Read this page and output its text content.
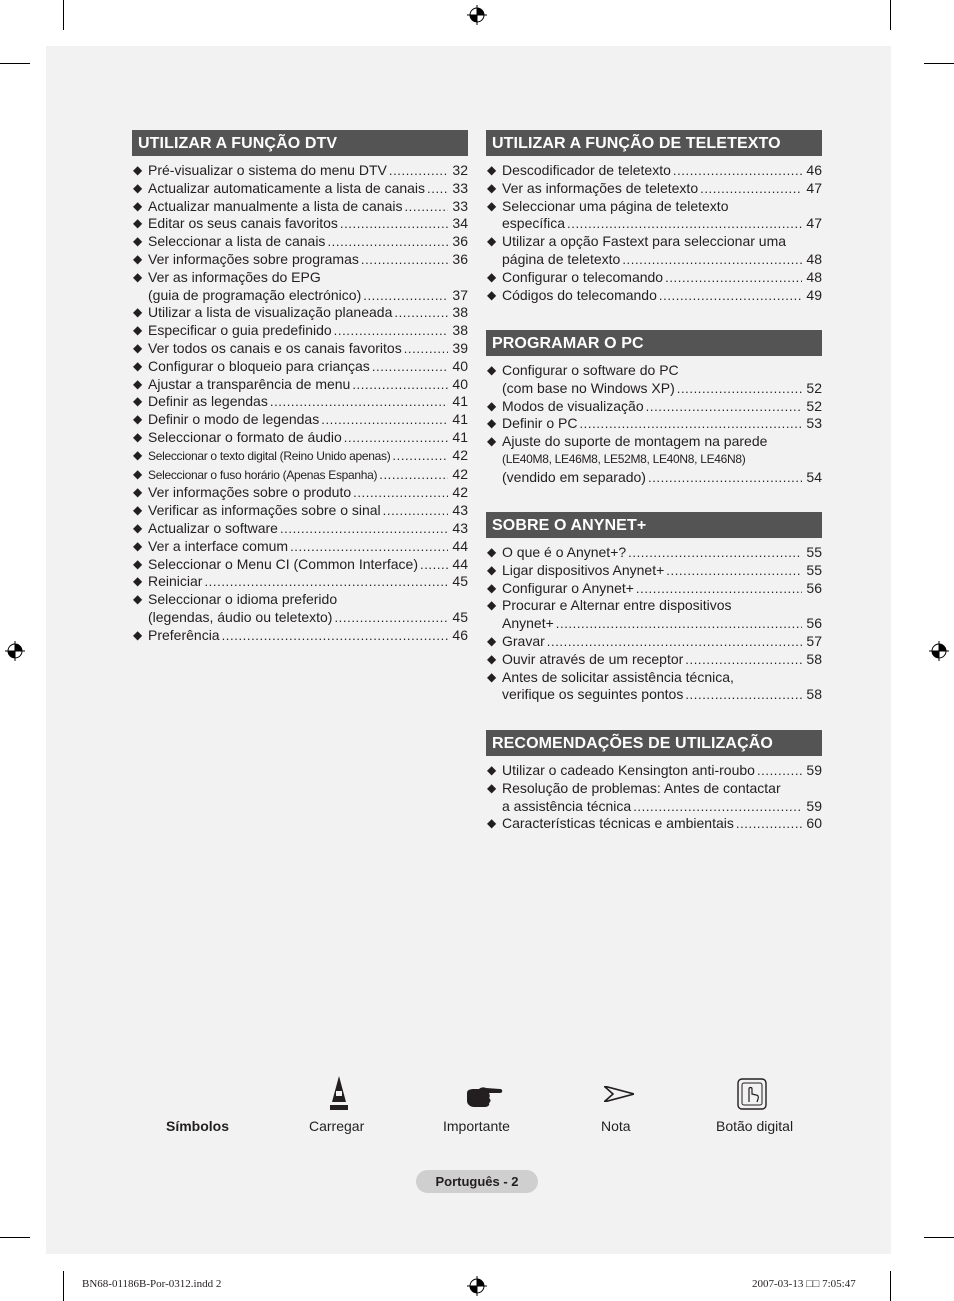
UTILIZAR A FUNÇÃO DTV
◆ Pré-visualizar o sistema do menu DTV .....	32
◆ Actualizar automaticamente a lista de canais ..... 33
◆ Actualizar manualmente a lista de canais .....	33
◆ Editar os seus canais favoritos .....	34
◆ Seleccionar a lista de canais .....	36
◆ Ver informações sobre programas .....	36
◆ Ver as informações do EPG
(guia de programação electrónico) .....	37
◆ Utilizar a lista de visualização planeada .....	38
◆ Especificar o guia predefinido .....	38
◆ Ver todos os canais e os canais favoritos .....	39
◆ Configurar o bloqueio para crianças .....	40
◆ Ajustar a transparência de menu .....	40
◆ Definir as legendas .....	41
◆ Definir o modo de legendas .....	41
◆ Seleccionar o formato de áudio .....	41
◆ Seleccionar o texto digital (Reino Unido apenas) .....	42
◆ Seleccionar o fuso horário (Apenas Espanha) .....	42
◆ Ver informações sobre o produto .....	42
◆ Verificar as informações sobre o sinal .....	43
◆ Actualizar o software .....	43
◆ Ver a interface comum .....	44
◆ Seleccionar o Menu CI (Common Interface) ..... 44
◆ Reiniciar .....	45
◆ Seleccionar o idioma preferido
(legendas, áudio ou teletexto) .....	45
◆ Preferência .....	46
UTILIZAR A FUNÇÃO DE TELETEXTO
◆ Descodificador de teletexto .....	46
◆ Ver as informações de teletexto .....	47
◆ Seleccionar uma página de teletexto
específica .....	47
◆ Utilizar a opção Fastext para seleccionar uma
página de teletexto .....	48
◆ Configurar o telecomando .....	48
◆ Códigos do telecomando .....	49
PROGRAMAR O PC
◆ Configurar o software do PC
(com base no Windows XP) .....	52
◆ Modos de visualização .....	52
◆ Definir o PC .....	53
◆ Ajuste do suporte de montagem na parede
(LE40M8, LE46M8, LE52M8, LE40N8, LE46N8)
(vendido em separado) .....	54
SOBRE O ANYNET+
◆ O que é o Anynet+? .....	55
◆ Ligar dispositivos Anynet+ .....	55
◆ Configurar o Anynet+ .....	56
◆ Procurar e Alternar entre dispositivos
Anynet+ .....	56
◆ Gravar .....	57
◆ Ouvir através de um receptor .....	58
◆ Antes de solicitar assistência técnica,
verifique os seguintes pontos .....	58
RECOMENDAÇÕES DE UTILIZAÇÃO
◆ Utilizar o cadeado Kensington anti-roubo .....	59
◆ Resolução de problemas: Antes de contactar
a assistência técnica .....	59
◆ Características técnicas e ambientais .....	60
Símbolos	Carregar	Importante	Nota	Botão digital
Português - 2
BN68-01186B-Por-0312.indd 2	2007-03-13 □□ 7:05:47
